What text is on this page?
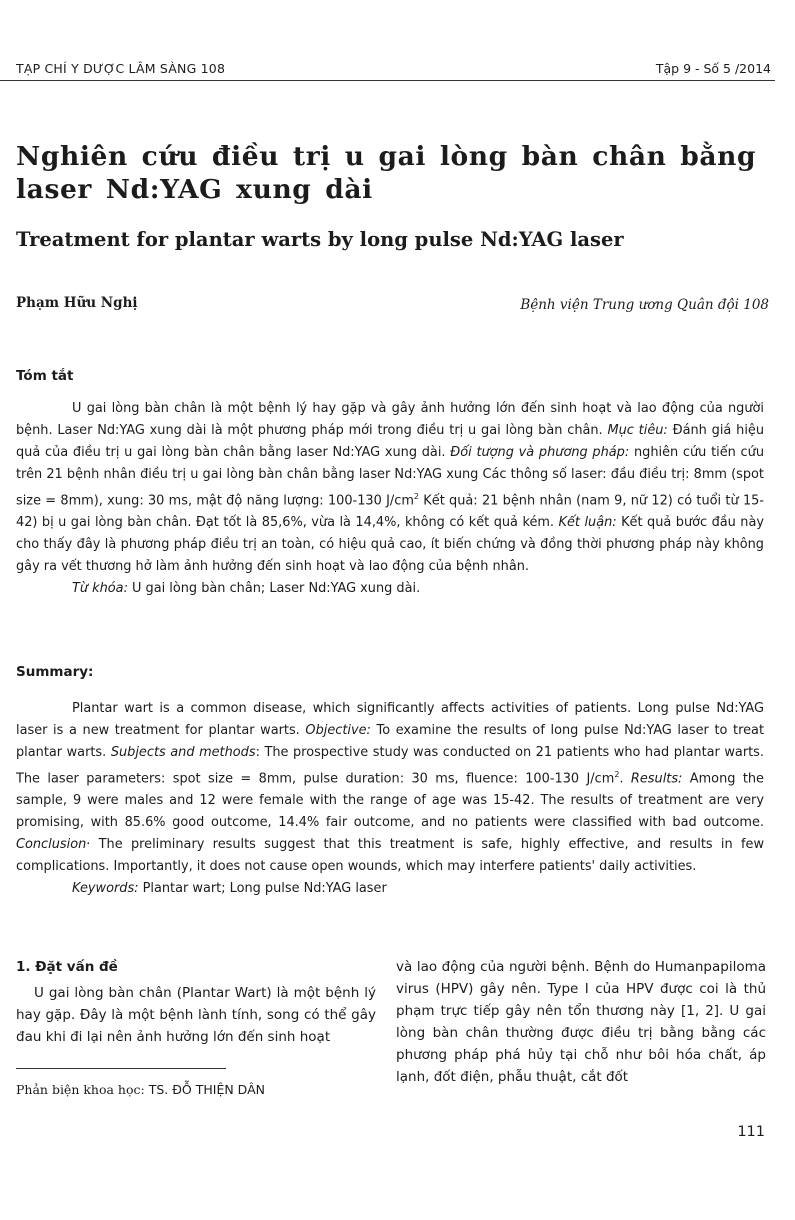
TẠP CHÍ Y DƯỢC LÂM SÀNG 108	Tập 9 - Số 5 /2014
Nghiên cứu điều trị u gai lòng bàn chân bằng laser Nd:YAG xung dài
Treatment for plantar warts by long pulse Nd:YAG laser
Phạm Hữu Nghị	Bệnh viện Trung ương Quân đội 108
Tóm tắt

U gai lòng bàn chân là một bệnh lý hay gặp và gây ảnh hưởng lớn đến sinh hoạt và lao động của người bệnh. Laser Nd:YAG xung dài là một phương pháp mới trong điều trị u gai lòng bàn chân. Mục tiêu: Đánh giá hiệu quả của điều trị u gai lòng bàn chân bằng laser Nd:YAG xung dài. Đối tượng và phương pháp: nghiên cứu tiến cứu trên 21 bệnh nhân điều trị u gai lòng bàn chân bằng laser Nd:YAG xung Các thông số laser: đầu điều trị: 8mm (spot size = 8mm), xung: 30 ms, mật độ năng lượng: 100-130 $J/cm^2$ Kết quả: 21 bệnh nhân (nam 9, nữ 12) có tuổi từ 15-42) bị u gai lòng bàn chân. Đạt tốt là 85,6%, vừa là 14,4%, không có kết quả kém. Kết luận: Kết quả bước đầu này cho thấy đây là phương pháp điều trị an toàn, có hiệu quả cao, ít biến chứng và đồng thời phương pháp này không gây ra vết thương hở làm ảnh hưởng đến sinh hoạt và lao động của bệnh nhân.

Từ khóa: U gai lòng bàn chân; Laser Nd:YAG xung dài.

Summary:

Plantar wart is a common disease, which significantly affects activities of patients. Long pulse Nd:YAG laser is a new treatment for plantar warts. Objective: To examine the results of long pulse Nd:YAG laser to treat plantar warts. Subjects and methods: The prospective study was conducted on 21 patients who had plantar warts. The laser parameters: spot size = 8mm, pulse duration: 30 ms, fluence: 100-130 $J/cm^2$. Results: Among the sample, 9 were males and 12 were female with the range of age was 15-42. The results of treatment are very promising, with 85.6% good outcome, 14.4% fair outcome, and no patients were classified with bad outcome. Conclusion· The preliminary results suggest that this treatment is safe, highly effective, and results in few complications. Importantly, it does not cause open wounds, which may interfere patients' daily activities.

Keywords: Plantar wart; Long pulse Nd:YAG laser

1. Đặt vấn đề

U gai lòng bàn chân (Plantar Wart) là một bệnh lý hay gặp. Đây là một bệnh lành tính, song có thể gây đau khi đi lại nên ảnh hưởng lớn đến sinh hoạt

và lao động của người bệnh. Bệnh do Humanpapiloma virus (HPV) gây nên. Type I của HPV được coi là thủ phạm trực tiếp gây nên tổn thương này [1, 2]. U gai lòng bàn chân thường được điều trị bằng bằng các phương pháp phá hủy tại chỗ như bôi hóa chất, áp lạnh, đốt điện, phẫu thuật, cắt đốt

Phản biện khoa học: TS. ĐỖ THIỆN DÂN
111
